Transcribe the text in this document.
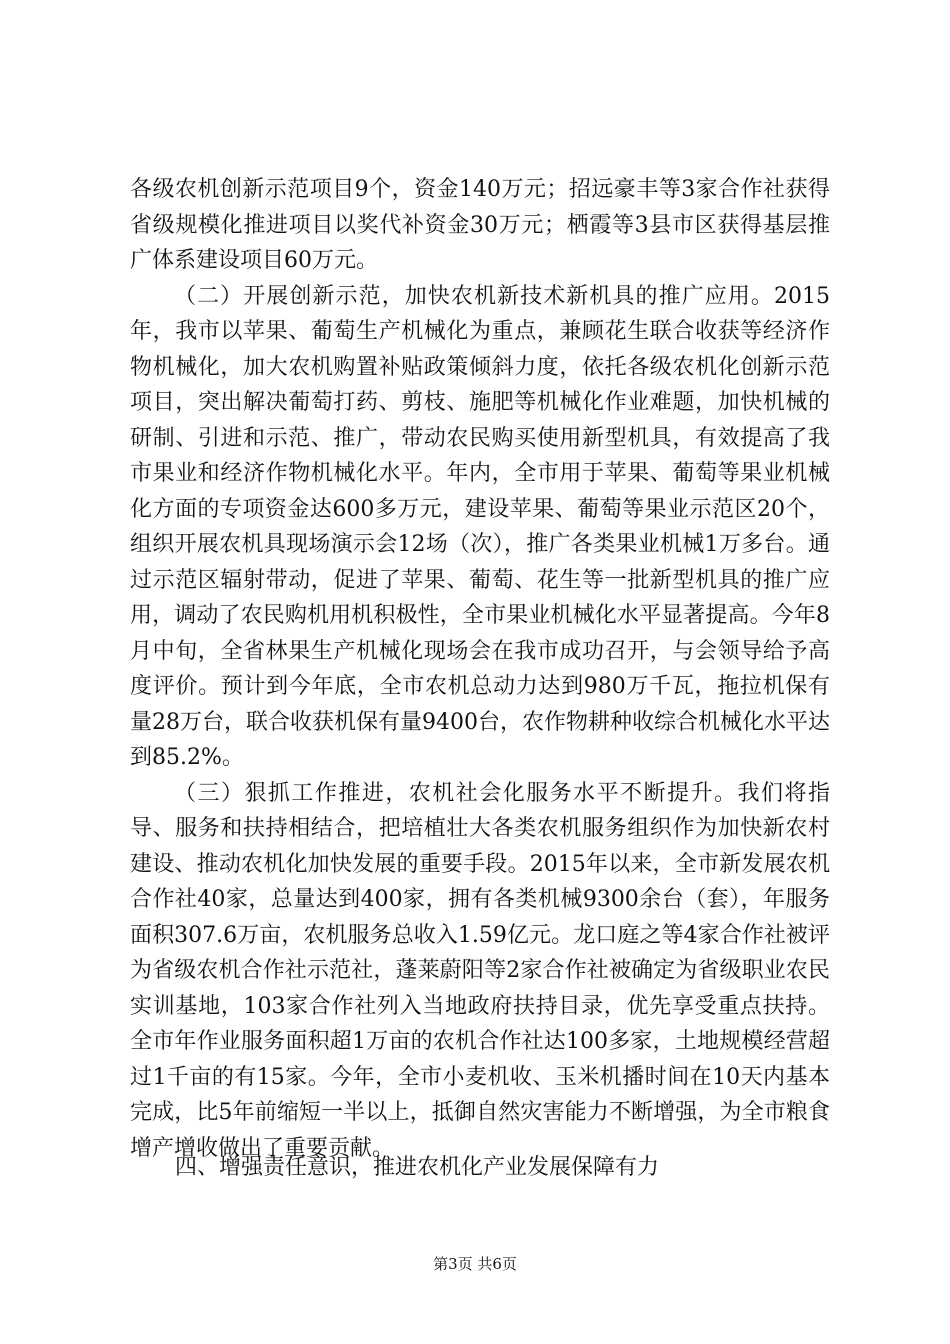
各级农机创新示范项目9个，资金140万元；招远豪丰等3家合作社获得省级规模化推进项目以奖代补资金30万元；栖霞等3县市区获得基层推广体系建设项目60万元。

（二）开展创新示范，加快农机新技术新机具的推广应用。2015年，我市以苹果、葡萄生产机械化为重点，兼顾花生联合收获等经济作物机械化，加大农机购置补贴政策倾斜力度，依托各级农机化创新示范项目，突出解决葡萄打药、剪枝、施肥等机械化作业难题，加快机械的研制、引进和示范、推广，带动农民购买使用新型机具，有效提高了我市果业和经济作物机械化水平。年内，全市用于苹果、葡萄等果业机械化方面的专项资金达600多万元，建设苹果、葡萄等果业示范区20个，组织开展农机具现场演示会12场（次），推广各类果业机械1万多台。通过示范区辐射带动，促进了苹果、葡萄、花生等一批新型机具的推广应用，调动了农民购机用机积极性，全市果业机械化水平显著提高。今年8月中旬，全省林果生产机械化现场会在我市成功召开，与会领导给予高度评价。预计到今年底，全市农机总动力达到980万千瓦，拖拉机保有量28万台，联合收获机保有量9400台，农作物耕种收综合机械化水平达到85.2%。

（三）狠抓工作推进，农机社会化服务水平不断提升。我们将指导、服务和扶持相结合，把培植壮大各类农机服务组织作为加快新农村建设、推动农机化加快发展的重要手段。2015年以来，全市新发展农机合作社40家，总量达到400家，拥有各类机械9300余台（套），年服务面积307.6万亩，农机服务总收入1.59亿元。龙口庭之等4家合作社被评为省级农机合作社示范社，蓬莱蔚阳等2家合作社被确定为省级职业农民实训基地，103家合作社列入当地政府扶持目录，优先享受重点扶持。全市年作业服务面积超1万亩的农机合作社达100多家，土地规模经营超过1千亩的有15家。今年，全市小麦机收、玉米机播时间在10天内基本完成，比5年前缩短一半以上，抵御自然灾害能力不断增强，为全市粮食增产增收做出了重要贡献。

四、增强责任意识，推进农机化产业发展保障有力

第3页 共6页
